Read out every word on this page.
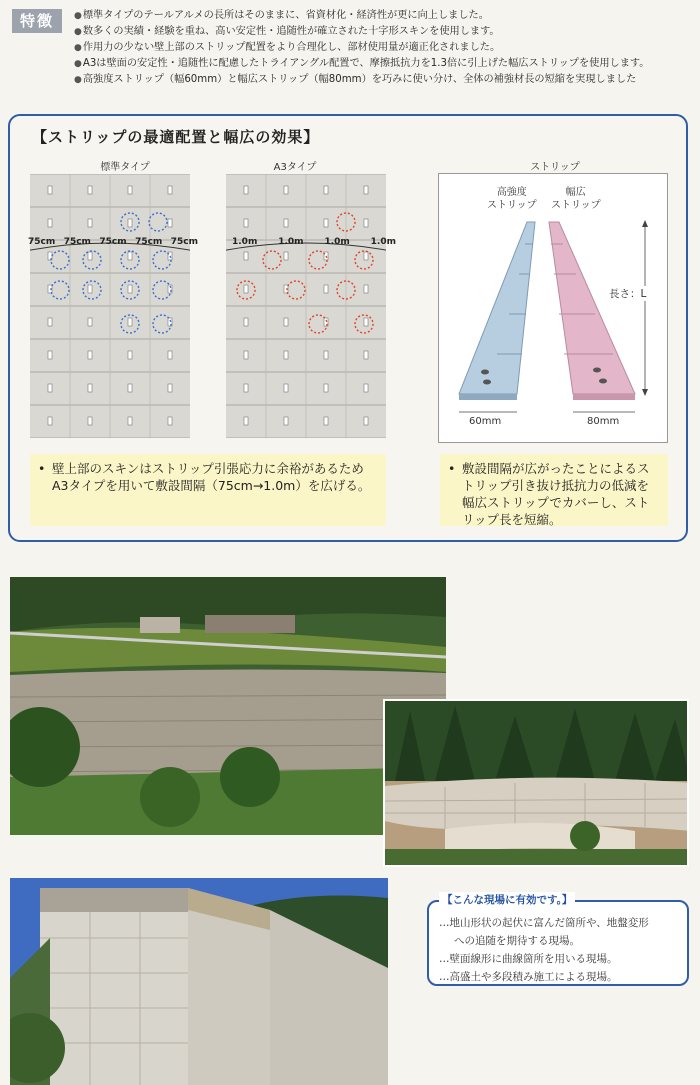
特徴
●	標準タイプのテールアルメの長所はそのままに、省資材化・経済性が更に向上しました。
● 数多くの実績・経験を重ね、高い安定性・追随性が確立された十字形スキンを使用します。
● 作用力の少ない壁上部のストリップ配置をより合理化し、部材使用量が適正化されました。
● A3は壁面の安定性・追随性に配慮したトライアングル配置で、摩擦抵抗力を1.3倍に引上げた幅広ストリップを使用します。
● 高強度ストリップ（幅60mm）と幅広ストリップ（幅80mm）を巧みに使い分け、全体の補強材長の短縮を実現しました
【ストリップの最適配置と幅広の効果】
標準タイプ	A3タイプ	ストリップ
75cm 75cm 75cm 75cm 75cm	1.0m 1.0m 1.0m 1.0m
高強度
ストリップ
幅広
ストリップ
長さ：L
60mm	80mm
• 壁上部のスキンはストリップ引張応力に余裕があるため A3タイプを用いて敷設間隔（75cm→1.0m）を広げる。
• 敷設間隔が広がったことによるストリップ引き抜け抵抗力の低減を幅広ストリップでカバーし、ストリップ長を短縮。
【こんな現場に有効です。】
…地山形状の起伏に富んだ箇所や、地盤変形
への追随を期待する現場。
…壁面線形に曲線箇所を用いる現場。
…高盛土や多段積み施工による現場。
